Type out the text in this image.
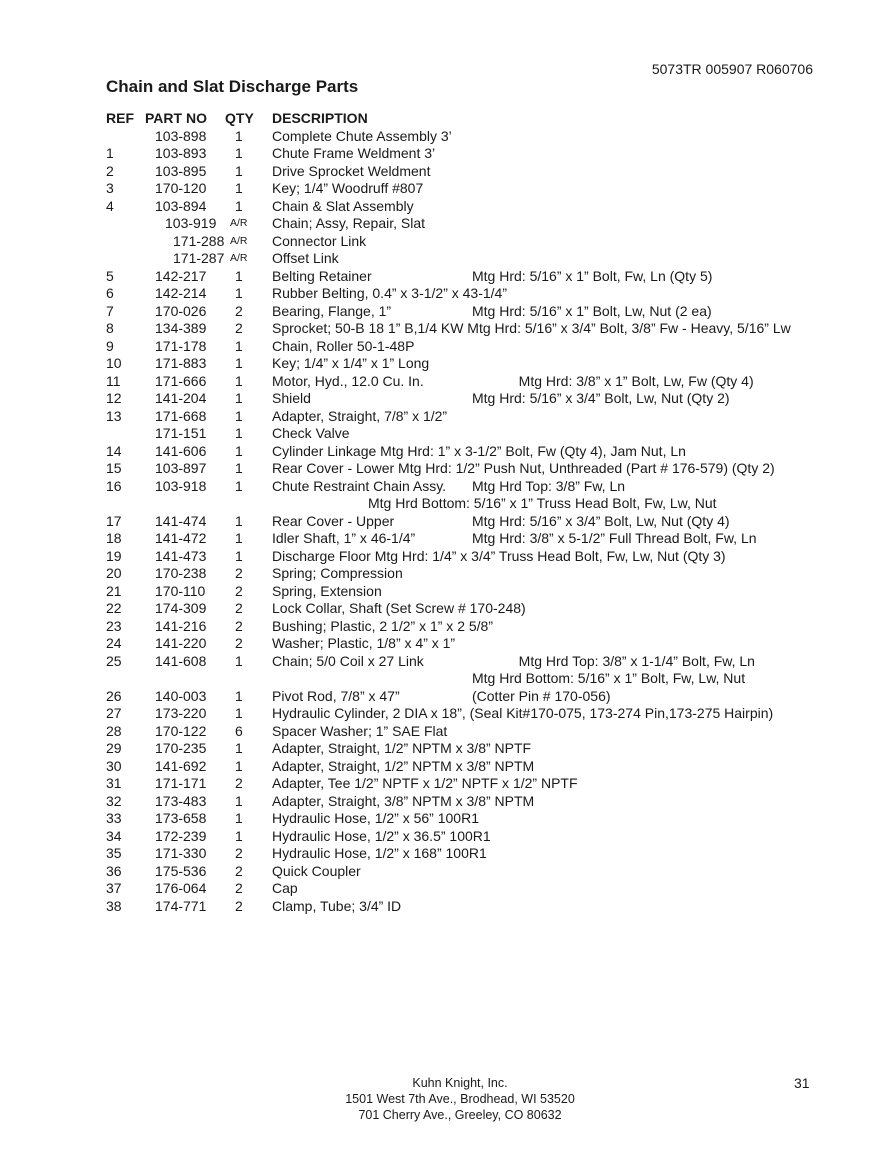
5073TR 005907 R060706
Chain and Slat Discharge Parts
REF PART NO QTY DESCRIPTION
103-898 1 Complete Chute Assembly 3’
1	103-893 1 Chute Frame Weldment 3’
2	103-895 1 Drive Sprocket Weldment
3	170-120 1 Key; 1/4” Woodruff #807
4	103-894 1 Chain & Slat Assembly
103-919 A/R Chain; Assy, Repair, Slat
171-288 A/R Connector Link
171-287 A/R Offset Link
5	142-217 1 Belting Retainer	Mtg Hrd: 5/16” x 1” Bolt, Fw, Ln (Qty 5)
6	142-214 1 Rubber Belting, 0.4” x 3-1/2” x 43-1/4”
7	170-026 2 Bearing, Flange, 1”	Mtg Hrd: 5/16” x 1” Bolt, Lw, Nut (2 ea)
8	134-389 2 Sprocket; 50-B 18 1” B,1/4 KW Mtg Hrd: 5/16” x 3/4” Bolt, 3/8” Fw - Heavy, 5/16” Lw
9	171-178 1 Chain, Roller 50-1-48P
10 171-883 1 Key; 1/4” x 1/4” x 1” Long
11 171-666 1 Motor, Hyd., 12.0 Cu. In.	Mtg Hrd: 3/8” x 1” Bolt, Lw, Fw (Qty 4)
12 141-204 1 Shield	Mtg Hrd: 5/16” x 3/4” Bolt, Lw, Nut (Qty 2)
13 171-668 1 Adapter, Straight, 7/8” x 1/2”
171-151 1 Check Valve
14 141-606 1 Cylinder Linkage Mtg Hrd: 1” x 3-1/2” Bolt, Fw (Qty 4), Jam Nut, Ln
15 103-897 1 Rear Cover - Lower Mtg Hrd: 1/2” Push Nut, Unthreaded (Part # 176-579) (Qty 2)
16 103-918 1 Chute Restraint Chain Assy. Mtg Hrd Top: 3/8” Fw, Ln
Mtg Hrd Bottom: 5/16” x 1” Truss Head Bolt, Fw, Lw, Nut
17 141-474 1 Rear Cover - Upper	Mtg Hrd: 5/16” x 3/4” Bolt, Lw, Nut (Qty 4)
18 141-472 1 Idler Shaft, 1” x 46-1/4”	Mtg Hrd: 3/8” x 5-1/2” Full Thread Bolt, Fw, Ln
19 141-473 1 Discharge Floor Mtg Hrd: 1/4” x 3/4” Truss Head Bolt, Fw, Lw, Nut (Qty 3)
20 170-238 2 Spring; Compression
21 170-110 2 Spring, Extension
22 174-309 2 Lock Collar, Shaft (Set Screw # 170-248)
23 141-216 2 Bushing; Plastic, 2 1/2” x 1” x 2 5/8”
24 141-220 2 Washer; Plastic, 1/8” x 4” x 1”
25 141-608 1 Chain; 5/0 Coil x 27 Link	Mtg Hrd Top: 3/8” x 1-1/4” Bolt, Fw, Ln
Mtg Hrd Bottom: 5/16” x 1” Bolt, Fw, Lw, Nut
26 140-003 1 Pivot Rod, 7/8” x 47”	(Cotter Pin # 170-056)
27 173-220 1 Hydraulic Cylinder, 2 DIA x 18”, (Seal Kit#170-075, 173-274 Pin,173-275 Hairpin)
28 170-122 6 Spacer Washer; 1” SAE Flat
29 170-235 1 Adapter, Straight, 1/2” NPTM x 3/8” NPTF
30 141-692 1 Adapter, Straight, 1/2” NPTM x 3/8” NPTM
31 171-171 2 Adapter, Tee 1/2” NPTF x 1/2” NPTF x 1/2” NPTF
32 173-483 1 Adapter, Straight, 3/8” NPTM x 3/8” NPTM
33 173-658 1 Hydraulic Hose, 1/2” x 56” 100R1
34 172-239 1 Hydraulic Hose, 1/2” x 36.5” 100R1
35 171-330 2 Hydraulic Hose, 1/2” x 168” 100R1
36 175-536 2 Quick Coupler
37 176-064 2 Cap
38 174-771 2 Clamp, Tube; 3/4” ID
Kuhn Knight, Inc.
1501 West 7th Ave., Brodhead, WI 53520
701 Cherry Ave., Greeley, CO 80632
31
